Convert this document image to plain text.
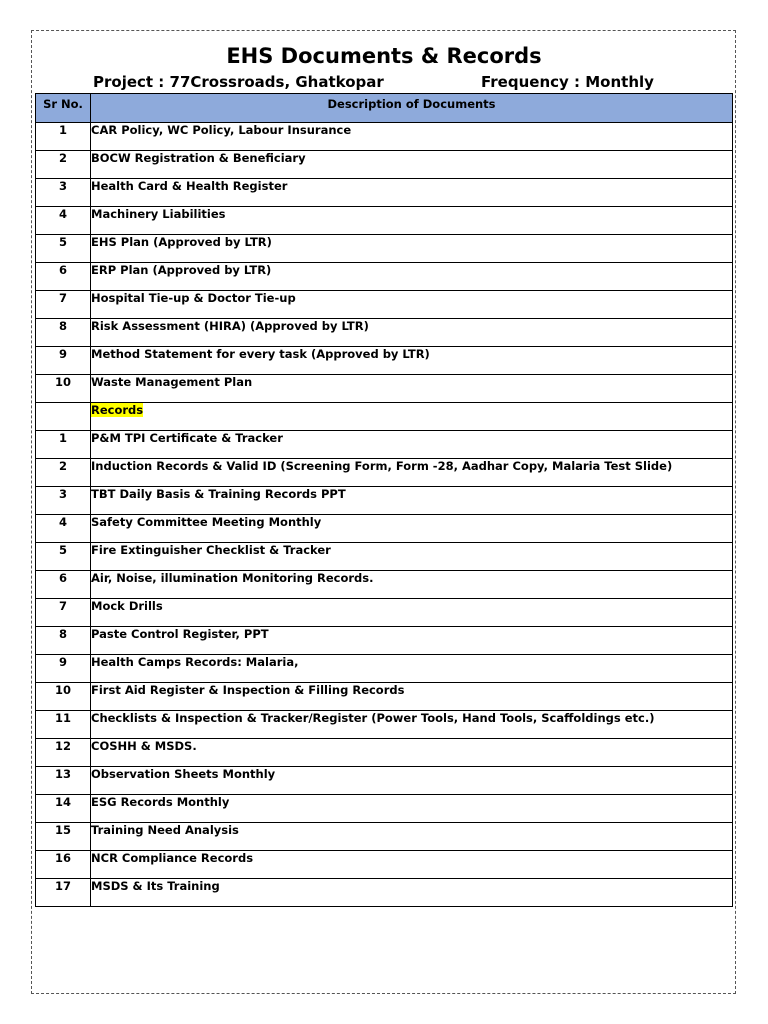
EHS Documents & Records
Project : 77Crossroads, Ghatkopar	Frequency : Monthly
Sr No.	Description of Documents
1	CAR Policy, WC Policy, Labour Insurance
2	BOCW Registration & Beneficiary
3	Health Card & Health Register
4	Machinery Liabilities
5	EHS Plan (Approved by LTR)
6	ERP Plan (Approved by LTR)
7	Hospital Tie-up & Doctor Tie-up
8	Risk Assessment (HIRA) (Approved by LTR)
9	Method Statement for every task (Approved by LTR)
10	Waste Management Plan
	Records
1	P&M TPI Certificate & Tracker
2	Induction Records & Valid ID (Screening Form, Form -28, Aadhar Copy, Malaria Test Slide)
3	TBT Daily Basis & Training Records PPT
4	Safety Committee Meeting Monthly
5	Fire Extinguisher Checklist & Tracker
6	Air, Noise, illumination Monitoring Records.
7	Mock Drills
8	Paste Control Register, PPT
9	Health Camps Records: Malaria,
10	First Aid Register & Inspection & Filling Records
11	Checklists & Inspection & Tracker/Register (Power Tools, Hand Tools, Scaffoldings etc.)
12	COSHH & MSDS.
13	Observation Sheets Monthly
14	ESG Records Monthly
15	Training Need Analysis
16	NCR Compliance Records
17	MSDS & Its Training
